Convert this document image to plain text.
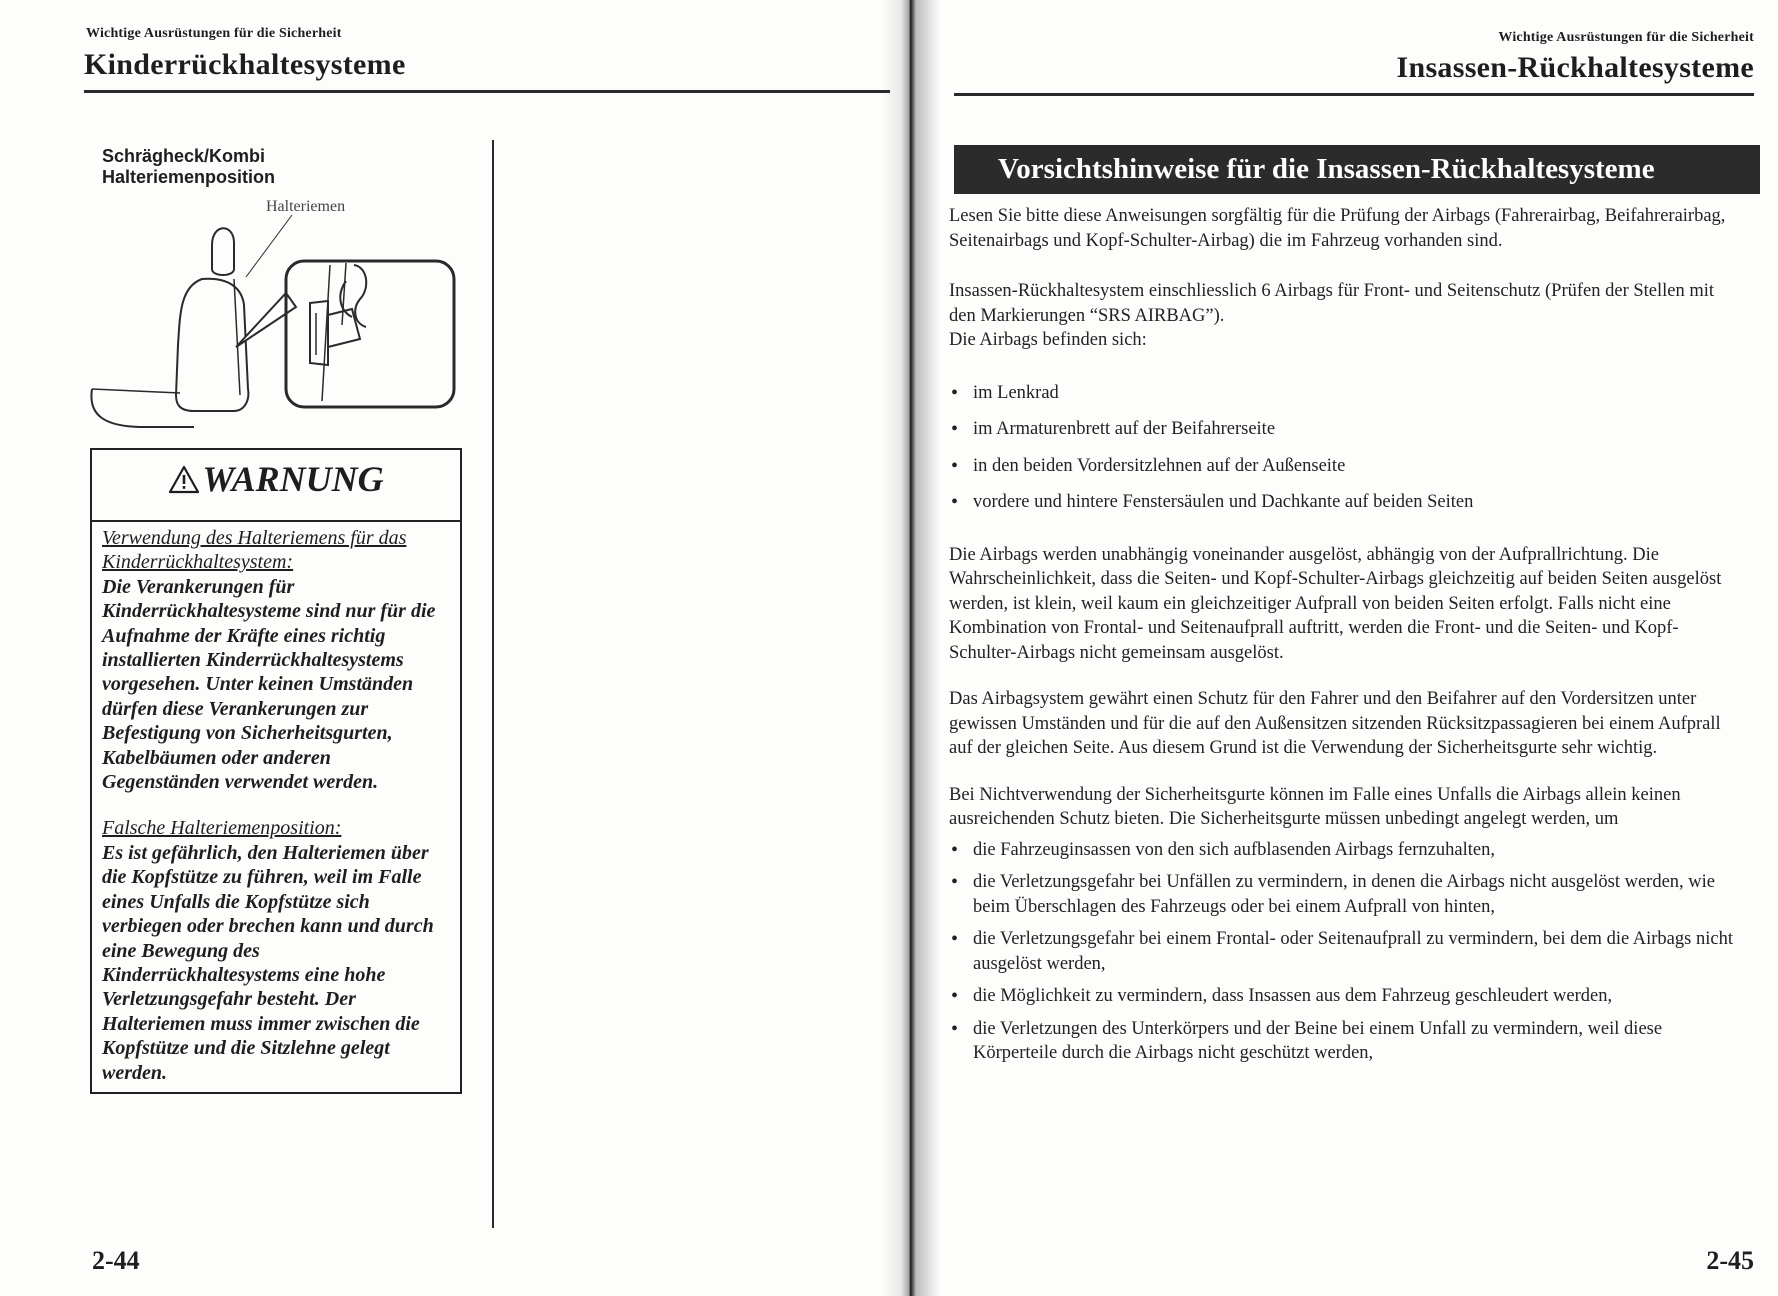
Wichtige Ausrüstungen für die Sicherheit
Kinderrückhaltesysteme
Schrägheck/Kombi
Halteriemenposition
Halteriemen
WARNUNG
Verwendung des Halteriemens für das Kinderrückhaltesystem:
Die Verankerungen für Kinderrückhaltesysteme sind nur für die Aufnahme der Kräfte eines richtig installierten Kinderrückhaltesystems vorgesehen. Unter keinen Umständen dürfen diese Verankerungen zur Befestigung von Sicherheitsgurten, Kabelbäumen oder anderen Gegenständen verwendet werden.
Falsche Halteriemenposition:
Es ist gefährlich, den Halteriemen über die Kopfstütze zu führen, weil im Falle eines Unfalls die Kopfstütze sich verbiegen oder brechen kann und durch eine Bewegung des Kinderrückhaltesystems eine hohe Verletzungsgefahr besteht. Der Halteriemen muss immer zwischen die Kopfstütze und die Sitzlehne gelegt werden.
2-44
Wichtige Ausrüstungen für die Sicherheit
Insassen-Rückhaltesysteme
Vorsichtshinweise für die Insassen-Rückhaltesysteme

Lesen Sie bitte diese Anweisungen sorgfältig für die Prüfung der Airbags (Fahrerairbag, Beifahrerairbag, Seitenairbags und Kopf-Schulter-Airbag) die im Fahrzeug vorhanden sind.

Insassen-Rückhaltesystem einschliesslich 6 Airbags für Front- und Seitenschutz (Prüfen der Stellen mit den Markierungen “SRS AIRBAG”).

Die Airbags befinden sich:

• im Lenkrad
• im Armaturenbrett auf der Beifahrerseite
• in den beiden Vordersitzlehnen auf der Außenseite
• vordere und hintere Fenstersäulen und Dachkante auf beiden Seiten

Die Airbags werden unabhängig voneinander ausgelöst, abhängig von der Aufprallrichtung. Die Wahrscheinlichkeit, dass die Seiten- und Kopf-Schulter-Airbags gleichzeitig auf beiden Seiten ausgelöst werden, ist klein, weil kaum ein gleichzeitiger Aufprall von beiden Seiten erfolgt. Falls nicht eine Kombination von Frontal- und Seitenaufprall auftritt, werden die Front- und die Seiten- und Kopf-Schulter-Airbags nicht gemeinsam ausgelöst.

Das Airbagsystem gewährt einen Schutz für den Fahrer und den Beifahrer auf den Vordersitzen unter gewissen Umständen und für die auf den Außensitzen sitzenden Rücksitzpassagieren bei einem Aufprall auf der gleichen Seite. Aus diesem Grund ist die Verwendung der Sicherheitsgurte sehr wichtig.

Bei Nichtverwendung der Sicherheitsgurte können im Falle eines Unfalls die Airbags allein keinen ausreichenden Schutz bieten. Die Sicherheitsgurte müssen unbedingt angelegt werden, um

• die Fahrzeuginsassen von den sich aufblasenden Airbags fernzuhalten,
• die Verletzungsgefahr bei Unfällen zu vermindern, in denen die Airbags nicht ausgelöst werden, wie beim Überschlagen des Fahrzeugs oder bei einem Aufprall von hinten,
• die Verletzungsgefahr bei einem Frontal- oder Seitenaufprall zu vermindern, bei dem die Airbags nicht ausgelöst werden,
• die Möglichkeit zu vermindern, dass Insassen aus dem Fahrzeug geschleudert werden,
• die Verletzungen des Unterkörpers und der Beine bei einem Unfall zu vermindern, weil diese Körperteile durch die Airbags nicht geschützt werden,
2-45
